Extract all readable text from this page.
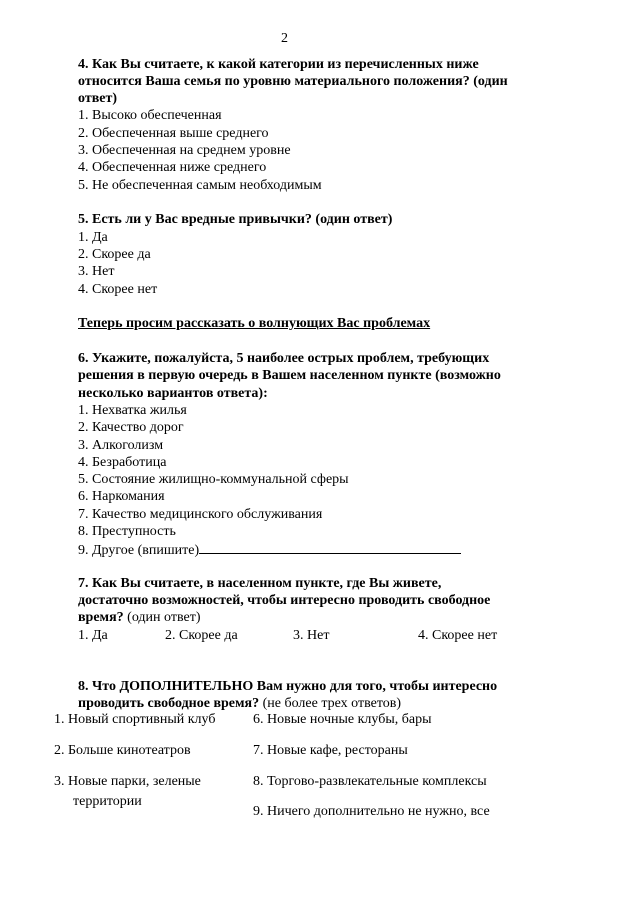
2
4. Как Вы считаете, к какой категории из перечисленных ниже
относится Ваша семья по уровню материального положения? (один
ответ)
1. Высоко обеспеченная
2. Обеспеченная выше среднего
3. Обеспеченная на среднем уровне
4. Обеспеченная ниже среднего
5. Не обеспеченная самым необходимым
5. Есть ли у Вас вредные привычки? (один ответ)
1. Да
2. Скорее да
3. Нет
4. Скорее нет
Теперь просим рассказать о волнующих Вас проблемах
6. Укажите, пожалуйста, 5 наиболее острых проблем, требующих
решения в первую очередь в Вашем населенном пункте (возможно
несколько вариантов ответа):
1. Нехватка жилья
2. Качество дорог
3. Алкоголизм
4. Безработица
5. Состояние жилищно-коммунальной сферы
6. Наркомания
7. Качество медицинского обслуживания
8. Преступность
9. Другое (впишите)
7. Как Вы считаете, в населенном пункте, где Вы живете,
достаточно возможностей, чтобы интересно проводить свободное
время? (один ответ)
1. Да	2. Скорее да	3. Нет	4. Скорее нет
8. Что ДОПОЛНИТЕЛЬНО Вам нужно для того, чтобы интересно
проводить свободное время? (не более трех ответов)
1. Новый спортивный клуб
2. Больше кинотеатров
3. Новые парки, зеленые
территории
6. Новые ночные клубы, бары
7. Новые кафе, рестораны
8. Торгово-развлекательные комплексы
9. Ничего дополнительно не нужно, все
